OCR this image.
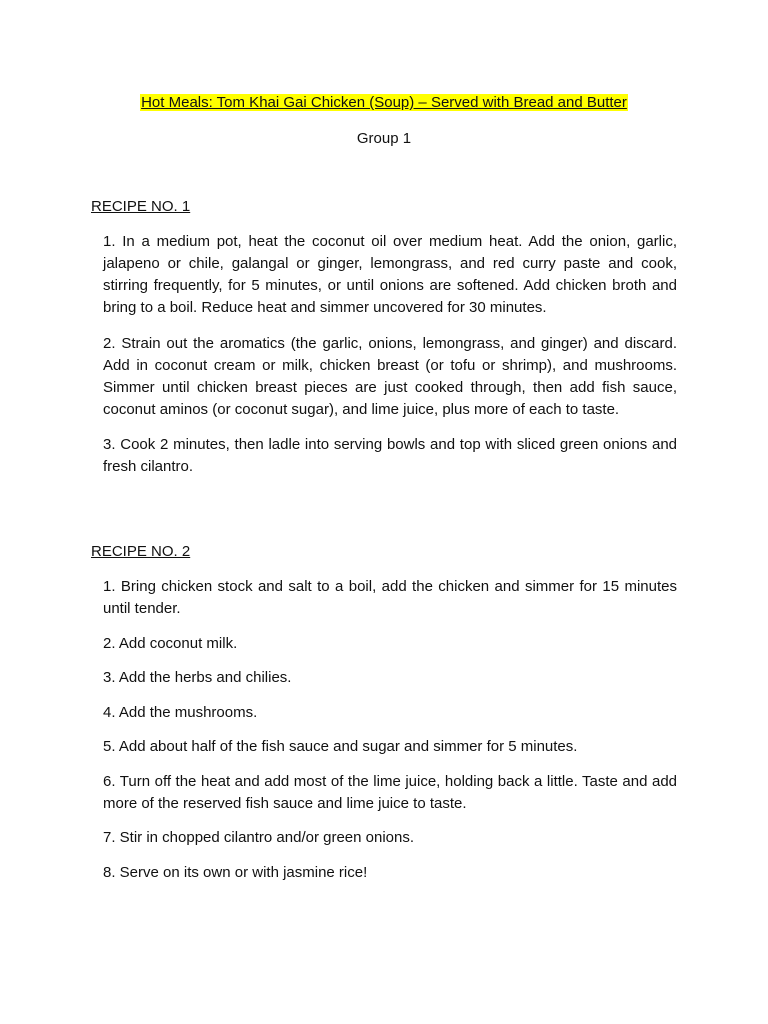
Hot Meals: Tom Khai Gai Chicken (Soup) – Served with Bread and Butter
Group 1

RECIPE NO. 1

1. In a medium pot, heat the coconut oil over medium heat. Add the onion, garlic, jalapeno or chile, galangal or ginger, lemongrass, and red curry paste and cook, stirring frequently, for 5 minutes, or until onions are softened. Add chicken broth and bring to a boil. Reduce heat and simmer uncovered for 30 minutes.
2. Strain out the aromatics (the garlic, onions, lemongrass, and ginger) and discard. Add in coconut cream or milk, chicken breast (or tofu or shrimp), and mushrooms. Simmer until chicken breast pieces are just cooked through, then add fish sauce, coconut aminos (or coconut sugar), and lime juice, plus more of each to taste.
3. Cook 2 minutes, then ladle into serving bowls and top with sliced green onions and fresh cilantro.

RECIPE NO. 2

1. Bring chicken stock and salt to a boil, add the chicken and simmer for 15 minutes until tender.
2. Add coconut milk.
3. Add the herbs and chilies.
4. Add the mushrooms.
5. Add about half of the fish sauce and sugar and simmer for 5 minutes.
6. Turn off the heat and add most of the lime juice, holding back a little. Taste and add more of the reserved fish sauce and lime juice to taste.
7. Stir in chopped cilantro and/or green onions.
8. Serve on its own or with jasmine rice!
